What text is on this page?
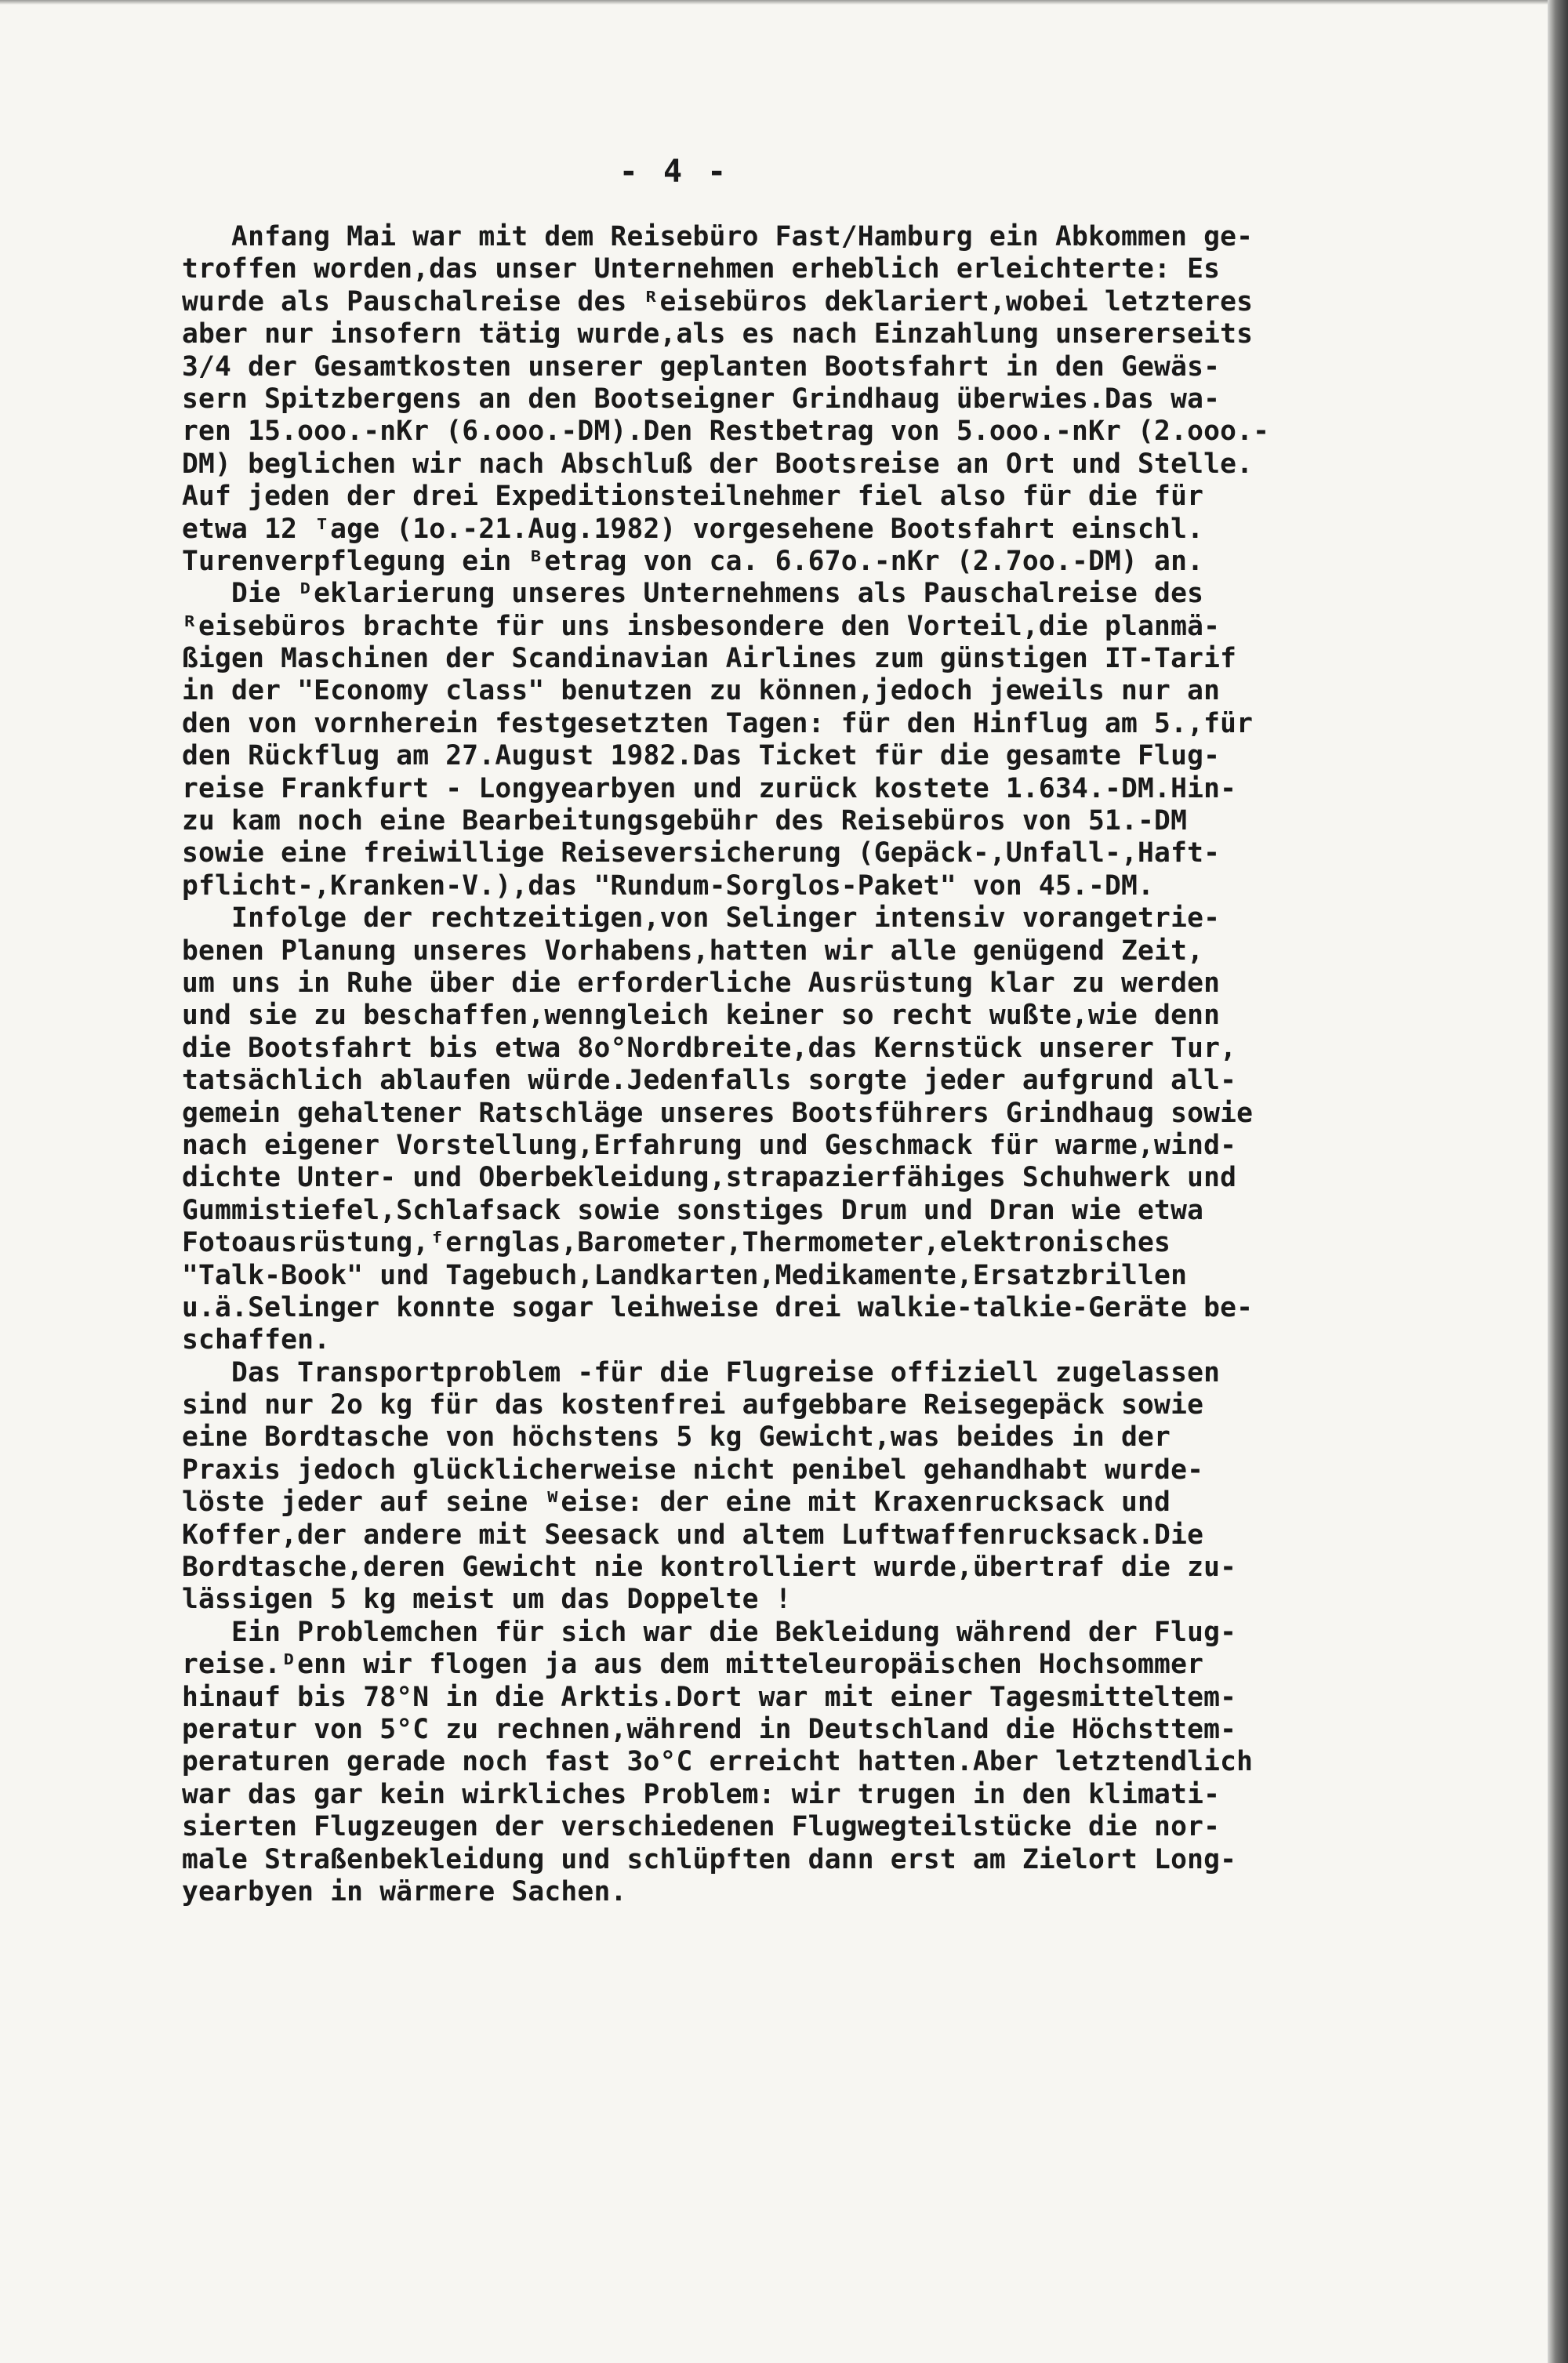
- 4 -
Anfang Mai war mit dem Reisebüro Fast/Hamburg ein Abkommen ge-
troffen worden,das unser Unternehmen erheblich erleichterte: Es
wurde als Pauschalreise des ᴿeisebüros deklariert,wobei letzteres
aber nur insofern tätig wurde,als es nach Einzahlung unsererseits
3/4 der Gesamtkosten unserer geplanten Bootsfahrt in den Gewäs-
sern Spitzbergens an den Bootseigner Grindhaug überwies.Das wa-
ren 15.ooo.-nKr (6.ooo.-DM).Den Restbetrag von 5.ooo.-nKr (2.ooo.-
DM) beglichen wir nach Abschluß der Bootsreise an Ort und Stelle.
Auf jeden der drei Expeditionsteilnehmer fiel also für die für
etwa 12 ᵀage (1o.-21.Aug.1982) vorgesehene Bootsfahrt einschl.
Turenverpflegung ein ᴮetrag von ca. 6.67o.-nKr (2.7oo.-DM) an.
Die ᴰeklarierung unseres Unternehmens als Pauschalreise des
ᴿeisebüros brachte für uns insbesondere den Vorteil,die planmä-
ßigen Maschinen der Scandinavian Airlines zum günstigen IT-Tarif
in der "Economy class" benutzen zu können,jedoch jeweils nur an
den von vornherein festgesetzten Tagen: für den Hinflug am 5.,für
den Rückflug am 27.August 1982.Das Ticket für die gesamte Flug-
reise Frankfurt - Longyearbyen und zurück kostete 1.634.-DM.Hin-
zu kam noch eine Bearbeitungsgebühr des Reisebüros von 51.-DM
sowie eine freiwillige Reiseversicherung (Gepäck-,Unfall-,Haft-
pflicht-,Kranken-V.),das "Rundum-Sorglos-Paket" von 45.-DM.
Infolge der rechtzeitigen,von Selinger intensiv vorangetrie-
benen Planung unseres Vorhabens,hatten wir alle genügend Zeit,
um uns in Ruhe über die erforderliche Ausrüstung klar zu werden
und sie zu beschaffen,wenngleich keiner so recht wußte,wie denn
die Bootsfahrt bis etwa 8o°Nordbreite,das Kernstück unserer Tur,
tatsächlich ablaufen würde.Jedenfalls sorgte jeder aufgrund all-
gemein gehaltener Ratschläge unseres Bootsführers Grindhaug sowie
nach eigener Vorstellung,Erfahrung und Geschmack für warme,wind-
dichte Unter- und Oberbekleidung,strapazierfähiges Schuhwerk und
Gummistiefel,Schlafsack sowie sonstiges Drum und Dran wie etwa
Fotoausrüstung,ᶠernglas,Barometer,Thermometer,elektronisches
"Talk-Book" und Tagebuch,Landkarten,Medikamente,Ersatzbrillen
u.ä.Selinger konnte sogar leihweise drei walkie-talkie-Geräte be-
schaffen.
Das Transportproblem -für die Flugreise offiziell zugelassen
sind nur 2o kg für das kostenfrei aufgebbare Reisegepäck sowie
eine Bordtasche von höchstens 5 kg Gewicht,was beides in der
Praxis jedoch glücklicherweise nicht penibel gehandhabt wurde-
löste jeder auf seine ᵂeise: der eine mit Kraxenrucksack und
Koffer,der andere mit Seesack und altem Luftwaffenrucksack.Die
Bordtasche,deren Gewicht nie kontrolliert wurde,übertraf die zu-
lässigen 5 kg meist um das Doppelte !
Ein Problemchen für sich war die Bekleidung während der Flug-
reise.ᴰenn wir flogen ja aus dem mitteleuropäischen Hochsommer
hinauf bis 78°N in die Arktis.Dort war mit einer Tagesmitteltem-
peratur von 5°C zu rechnen,während in Deutschland die Höchsttem-
peraturen gerade noch fast 3o°C erreicht hatten.Aber letztendlich
war das gar kein wirkliches Problem: wir trugen in den klimati-
sierten Flugzeugen der verschiedenen Flugwegteilstücke die nor-
male Straßenbekleidung und schlüpften dann erst am Zielort Long-
yearbyen in wärmere Sachen.
